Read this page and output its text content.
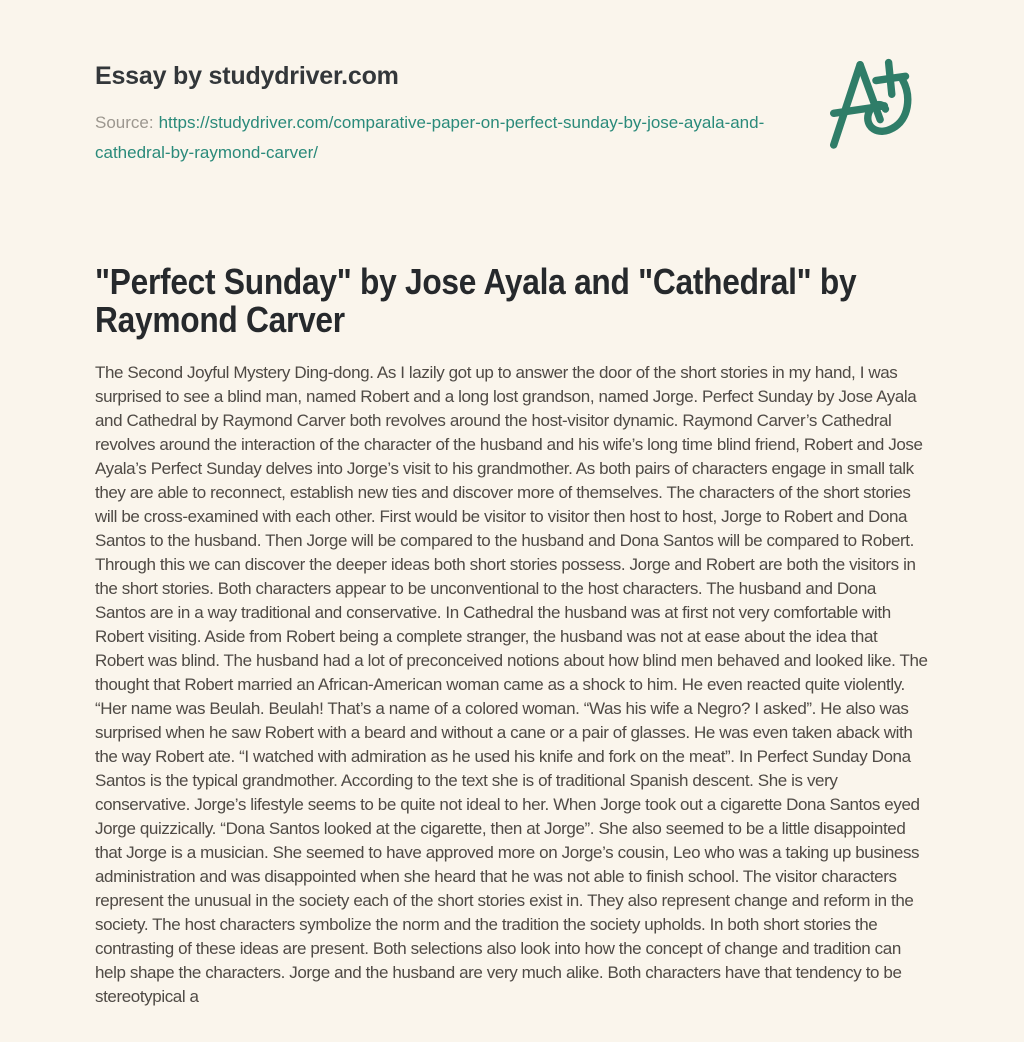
Essay by studydriver.com

Source: https://studydriver.com/comparative-paper-on-perfect-sunday-by-jose-ayala-and-cathedral-by-raymond-carver/

"Perfect Sunday" by Jose Ayala and "Cathedral" by Raymond Carver

The Second Joyful Mystery Ding-dong. As I lazily got up to answer the door of the short stories in my hand, I was surprised to see a blind man, named Robert and a long lost grandson, named Jorge. Perfect Sunday by Jose Ayala and Cathedral by Raymond Carver both revolves around the host-visitor dynamic. Raymond Carver’s Cathedral revolves around the interaction of the character of the husband and his wife’s long time blind friend, Robert and Jose Ayala’s Perfect Sunday delves into Jorge’s visit to his grandmother. As both pairs of characters engage in small talk they are able to reconnect, establish new ties and discover more of themselves. The characters of the short stories will be cross-examined with each other. First would be visitor to visitor then host to host, Jorge to Robert and Dona Santos to the husband. Then Jorge will be compared to the husband and Dona Santos will be compared to Robert. Through this we can discover the deeper ideas both short stories possess. Jorge and Robert are both the visitors in the short stories. Both characters appear to be unconventional to the host characters. The husband and Dona Santos are in a way traditional and conservative. In Cathedral the husband was at first not very comfortable with Robert visiting. Aside from Robert being a complete stranger, the husband was not at ease about the idea that Robert was blind. The husband had a lot of preconceived notions about how blind men behaved and looked like. The thought that Robert married an African-American woman came as a shock to him. He even reacted quite violently. “Her name was Beulah. Beulah! That’s a name of a colored woman. “Was his wife a Negro? I asked”. He also was surprised when he saw Robert with a beard and without a cane or a pair of glasses. He was even taken aback with the way Robert ate. “I watched with admiration as he used his knife and fork on the meat”. In Perfect Sunday Dona Santos is the typical grandmother. According to the text she is of traditional Spanish descent. She is very conservative. Jorge’s lifestyle seems to be quite not ideal to her. When Jorge took out a cigarette Dona Santos eyed Jorge quizzically. “Dona Santos looked at the cigarette, then at Jorge”. She also seemed to be a little disappointed that Jorge is a musician. She seemed to have approved more on Jorge’s cousin, Leo who was a taking up business administration and was disappointed when she heard that he was not able to finish school. The visitor characters represent the unusual in the society each of the short stories exist in. They also represent change and reform in the society. The host characters symbolize the norm and the tradition the society upholds. In both short stories the contrasting of these ideas are present. Both selections also look into how the concept of change and tradition can help shape the characters. Jorge and the husband are very much alike. Both characters have that tendency to be stereotypical a
